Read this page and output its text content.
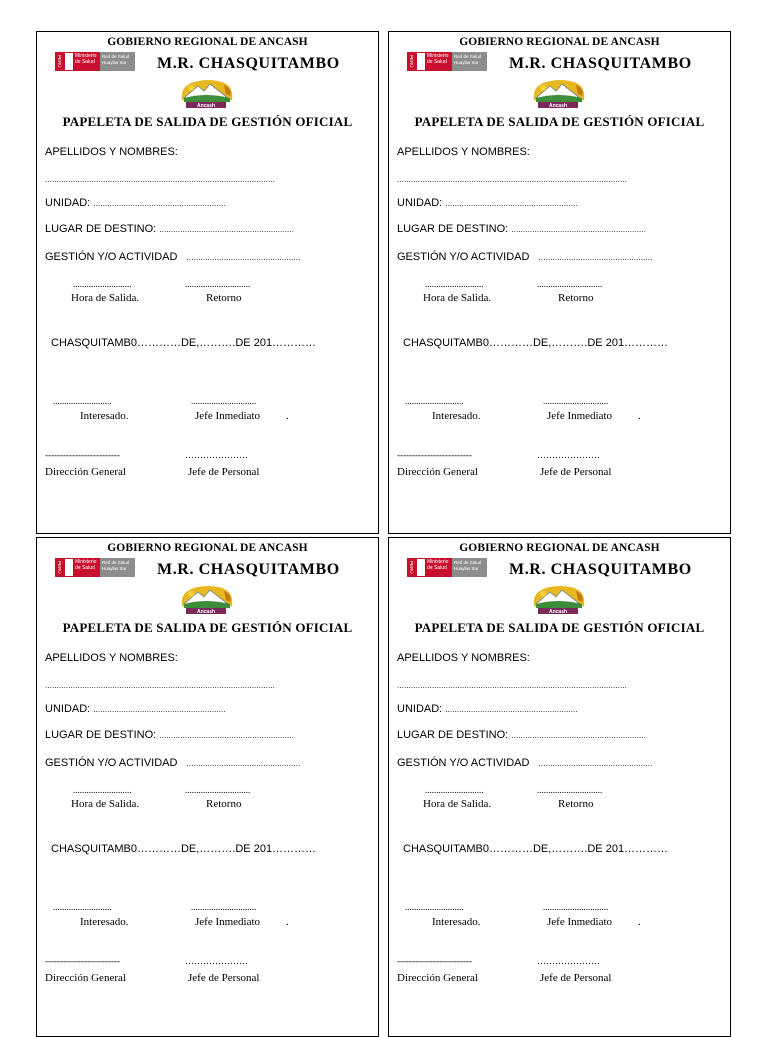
GOBIERNO REGIONAL DE ANCASH
PERÚ	Ministerio de Salud
Red de Salud Huaylas Sur	M.R. CHASQUITAMBO
Ancash
PAPELETA DE SALIDA DE GESTIÓN OFICIAL
APELLIDOS Y NOMBRES:
...................................................................................................
UNIDAD: .........................................................
LUGAR DE DESTINO: ..........................................................
GESTIÓN Y/O ACTIVIDAD .................................................
..........................	.............................
Hora de Salida.	Retorno
CHASQUITAMB0…………DE,……….DE 201…………
..........................	.............................
Interesado.	Jefe Inmediato .
-------------------------	…………………
Dirección General	Jefe de Personal
GOBIERNO REGIONAL DE ANCASH
PERÚ	Ministerio de Salud
Red de Salud Huaylas Sur	M.R. CHASQUITAMBO
Ancash
PAPELETA DE SALIDA DE GESTIÓN OFICIAL
APELLIDOS Y NOMBRES:
...................................................................................................
UNIDAD: .........................................................
LUGAR DE DESTINO: ..........................................................
GESTIÓN Y/O ACTIVIDAD .................................................
..........................	.............................
Hora de Salida.	Retorno
CHASQUITAMB0…………DE,……….DE 201…………
..........................	.............................
Interesado.	Jefe Inmediato .
-------------------------	…………………
Dirección General	Jefe de Personal
GOBIERNO REGIONAL DE ANCASH
PERÚ	Ministerio de Salud
Red de Salud Huaylas Sur	M.R. CHASQUITAMBO
Ancash
PAPELETA DE SALIDA DE GESTIÓN OFICIAL
APELLIDOS Y NOMBRES:
...................................................................................................
UNIDAD: .........................................................
LUGAR DE DESTINO: ..........................................................
GESTIÓN Y/O ACTIVIDAD .................................................
..........................	.............................
Hora de Salida.	Retorno
CHASQUITAMB0…………DE,……….DE 201…………
..........................	.............................
Interesado.	Jefe Inmediato .
-------------------------	…………………
Dirección General	Jefe de Personal
GOBIERNO REGIONAL DE ANCASH
PERÚ	Ministerio de Salud
Red de Salud Huaylas Sur	M.R. CHASQUITAMBO
Ancash
PAPELETA DE SALIDA DE GESTIÓN OFICIAL
APELLIDOS Y NOMBRES:
...................................................................................................
UNIDAD: .........................................................
LUGAR DE DESTINO: ..........................................................
GESTIÓN Y/O ACTIVIDAD .................................................
..........................	.............................
Hora de Salida.	Retorno
CHASQUITAMB0…………DE,……….DE 201…………
..........................	.............................
Interesado.	Jefe Inmediato .
-------------------------	…………………
Dirección General	Jefe de Personal
